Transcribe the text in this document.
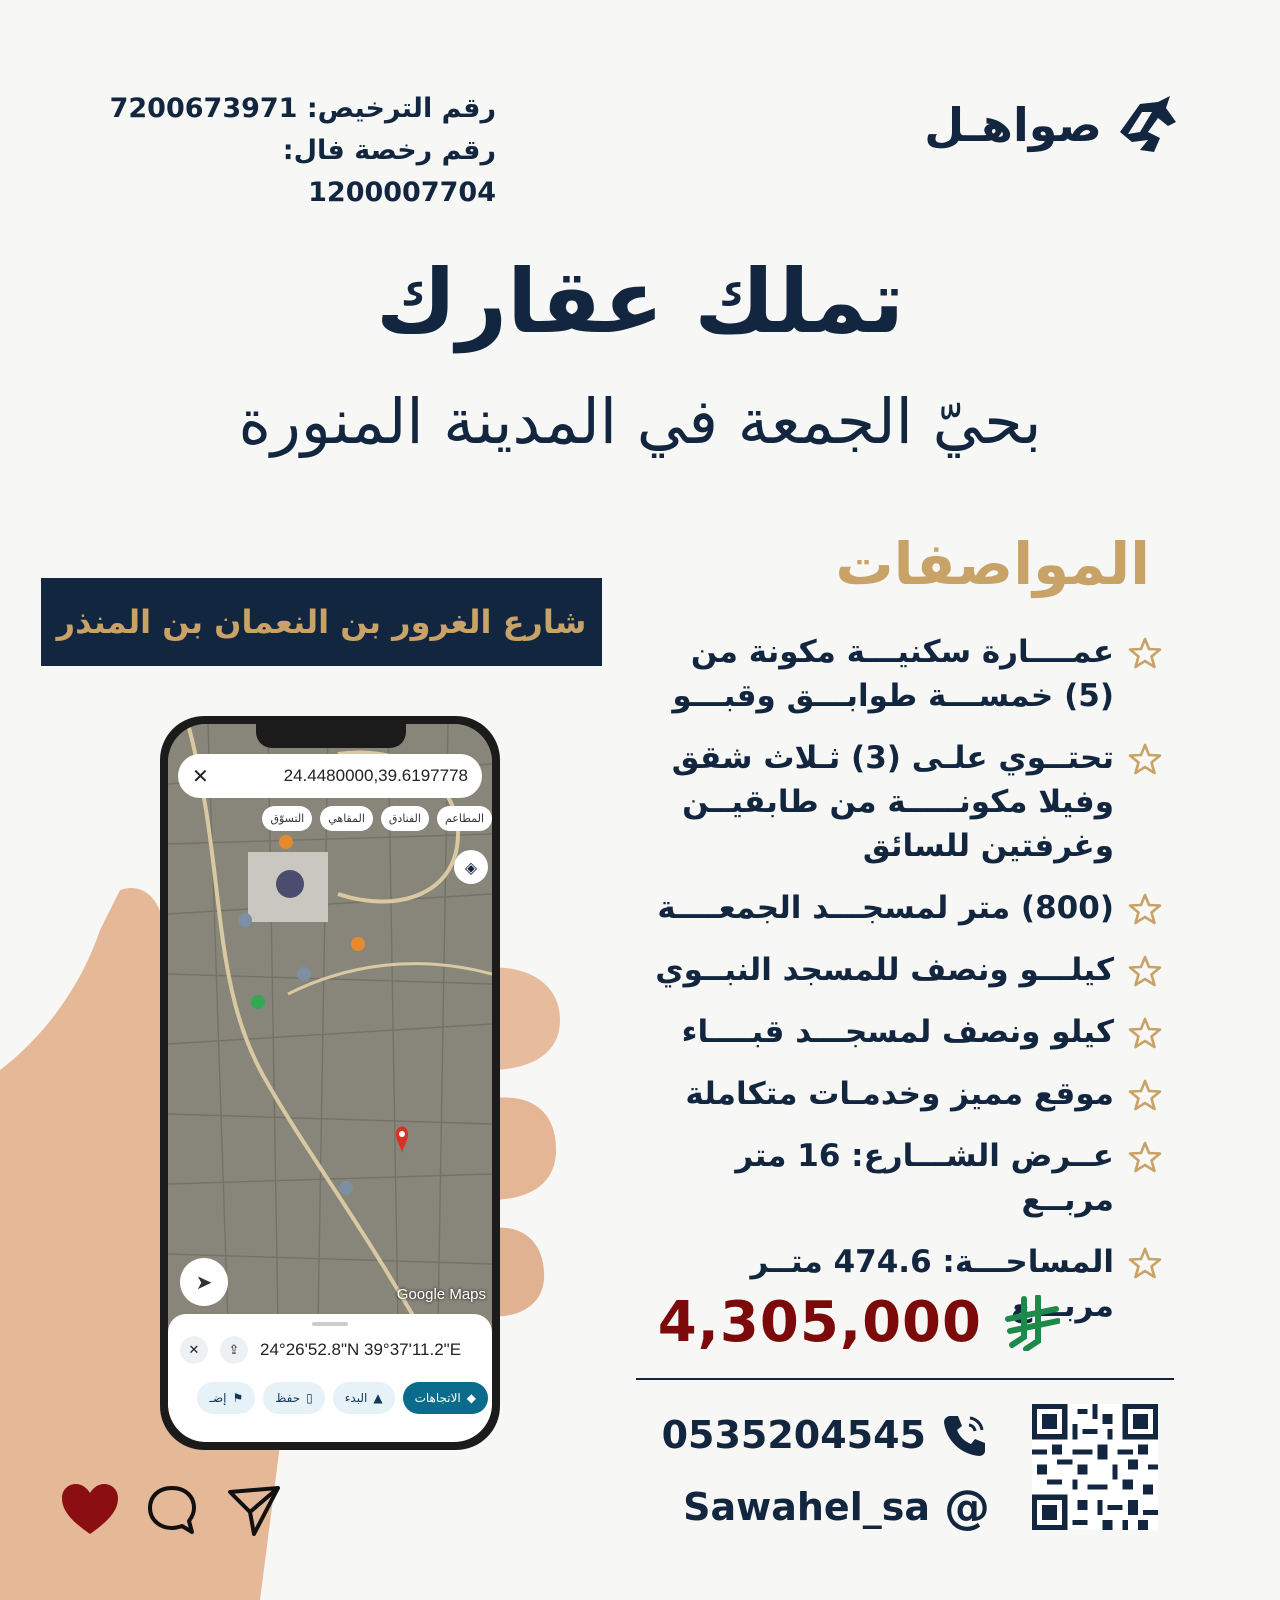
رقم الترخيص: 7200673971
رقم رخصة فال: 1200007704
صواهـل
تملك عقارك
بحيّ الجمعة في المدينة المنورة
المواصفات
عمــــارة سكنيـــة مكونة من (5) خمســـة طوابـــق وقبـــو
تحتــوي علـى (3) ثـلاث شقق وفيلا مكونـــــة من طابقيــن وغرفتين للسائق
(800) متر لمسجـــد الجمعــــة
كيلـــو ونصف للمسجد النبــوي
كيلو ونصف لمسجـــد قبــــاء
موقع مميز وخدمـات متكاملة
عــرض الشـــارع: 16 متر مربــع
المساحـــة: 474.6 متــر مربـــع
4,305,000
0535204545
Sawahel_sa @
شارع الغرور بن النعمان بن المنذر
✕	24.4480000,39.6197778
المطاعم
الفنادق
المقاهي
التسوّق
◈
➤
Google Maps
✕	⇪	24°26'52.8"N 39°37'11.2"E
◆
الاتجاهات
▲
البدء
▯
حفظ
⚑
إضـ
